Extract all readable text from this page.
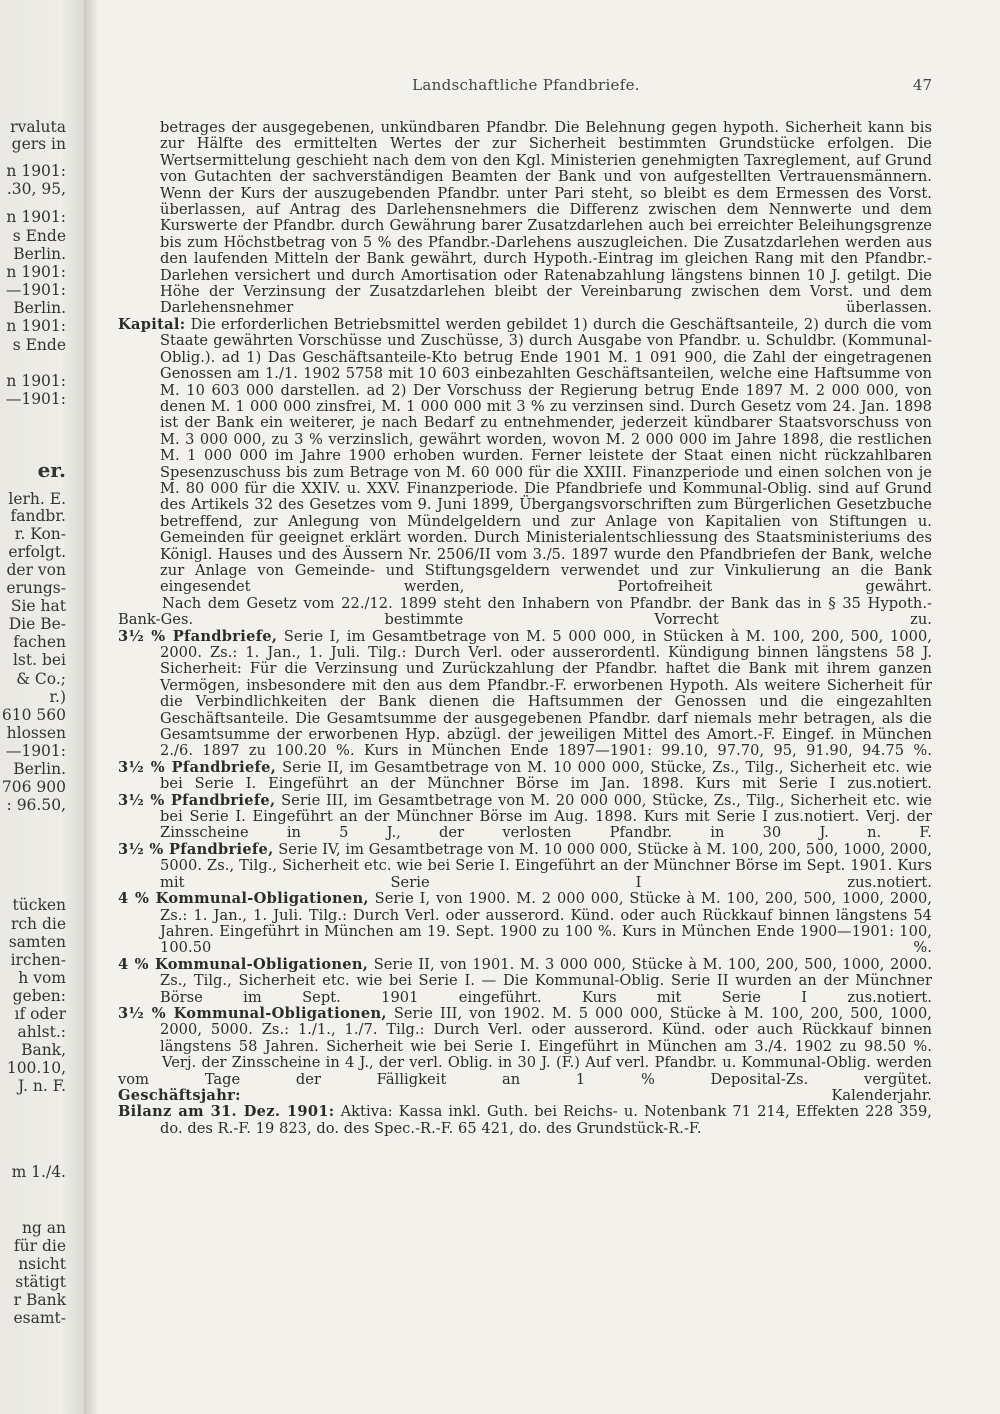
rvaluta
gers in
n 1901:
.30, 95,
n 1901:
s Ende
Berlin.
n 1901:
—1901:
Berlin.
n 1901:
s Ende
n 1901:
—1901:
er.
lerh. E.
fandbr.
r. Kon-
erfolgt.
der von
erungs-
Sie hat
Die Be-
fachen
lst. bei
& Co.;
r.)
610 560
hlossen
—1901:
Berlin.
706 900
: 96.50,
tücken
rch die
samten
irchen-
h vom
geben:
ıf oder
ahlst.:
Bank,
100.10,
J. n. F.
m 1./4.
ng an
für die
nsicht
stätigt
r Bank
esamt-
Landschaftliche Pfandbriefe.	47

betrages der ausgegebenen, unkündbaren Pfandbr. Die Belehnung gegen hypoth. Sicherheit kann bis zur Hälfte des ermittelten Wertes der zur Sicherheit bestimmten Grundstücke erfolgen. Die Wertsermittelung geschieht nach dem von den Kgl. Ministerien genehmigten Taxreglement, auf Grund von Gutachten der sachverständigen Beamten der Bank und von aufgestellten Vertrauensmännern. Wenn der Kurs der auszugebenden Pfandbr. unter Pari steht, so bleibt es dem Ermessen des Vorst. überlassen, auf Antrag des Darlehensnehmers die Differenz zwischen dem Nennwerte und dem Kurswerte der Pfandbr. durch Gewährung barer Zusatzdarlehen auch bei erreichter Beleihungsgrenze bis zum Höchstbetrag von 5 % des Pfandbr.-Darlehens auszugleichen. Die Zusatzdarlehen werden aus den laufenden Mitteln der Bank gewährt, durch Hypoth.-Eintrag im gleichen Rang mit den Pfandbr.-Darlehen versichert und durch Amortisation oder Ratenabzahlung längstens binnen 10 J. getilgt. Die Höhe der Verzinsung der Zusatzdarlehen bleibt der Vereinbarung zwischen dem Vorst. und dem Darlehensnehmer überlassen.

Kapital: Die erforderlichen Betriebsmittel werden gebildet 1) durch die Geschäftsanteile, 2) durch die vom Staate gewährten Vorschüsse und Zuschüsse, 3) durch Ausgabe von Pfandbr. u. Schuldbr. (Kommunal-Oblig.). ad 1) Das Geschäftsanteile-Kto betrug Ende 1901 M. 1 091 900, die Zahl der eingetragenen Genossen am 1./1. 1902 5758 mit 10 603 einbezahlten Geschäftsanteilen, welche eine Haftsumme von M. 10 603 000 darstellen. ad 2) Der Vorschuss der Regierung betrug Ende 1897 M. 2 000 000, von denen M. 1 000 000 zinsfrei, M. 1 000 000 mit 3 % zu verzinsen sind. Durch Gesetz vom 24. Jan. 1898 ist der Bank ein weiterer, je nach Bedarf zu entnehmender, jederzeit kündbarer Staatsvorschuss von M. 3 000 000, zu 3 % verzinslich, gewährt worden, wovon M. 2 000 000 im Jahre 1898, die restlichen M. 1 000 000 im Jahre 1900 erhoben wurden. Ferner leistete der Staat einen nicht rückzahlbaren Spesenzuschuss bis zum Betrage von M. 60 000 für die XXIII. Finanzperiode und einen solchen von je M. 80 000 für die XXIV. u. XXV. Finanzperiode. Die Pfandbriefe und Kommunal-Oblig. sind auf Grund des Artikels 32 des Gesetzes vom 9. Juni 1899, Übergangsvorschriften zum Bürgerlichen Gesetzbuche betreffend, zur Anlegung von Mündelgeldern und zur Anlage von Kapitalien von Stiftungen u. Gemeinden für geeignet erklärt worden. Durch Ministerialentschliessung des Staatsministeriums des Königl. Hauses und des Äussern Nr. 2506/II vom 3./5. 1897 wurde den Pfandbriefen der Bank, welche zur Anlage von Gemeinde- und Stiftungsgeldern verwendet und zur Vinkulierung an die Bank eingesendet werden, Portofreiheit gewährt.

Nach dem Gesetz vom 22./12. 1899 steht den Inhabern von Pfandbr. der Bank das in § 35 Hypoth.-Bank-Ges. bestimmte Vorrecht zu.

3½ % Pfandbriefe, Serie I, im Gesamtbetrage von M. 5 000 000, in Stücken à M. 100, 200, 500, 1000, 2000. Zs.: 1. Jan., 1. Juli. Tilg.: Durch Verl. oder ausserordentl. Kündigung binnen längstens 58 J. Sicherheit: Für die Verzinsung und Zurückzahlung der Pfandbr. haftet die Bank mit ihrem ganzen Vermögen, insbesondere mit den aus dem Pfandbr.-F. erworbenen Hypoth. Als weitere Sicherheit für die Verbindlichkeiten der Bank dienen die Haftsummen der Genossen und die eingezahlten Geschäftsanteile. Die Gesamtsumme der ausgegebenen Pfandbr. darf niemals mehr betragen, als die Gesamtsumme der erworbenen Hyp. abzügl. der jeweiligen Mittel des Amort.-F. Eingef. in München 2./6. 1897 zu 100.20 %. Kurs in München Ende 1897—1901: 99.10, 97.70, 95, 91.90, 94.75 %.

3½ % Pfandbriefe, Serie II, im Gesamtbetrage von M. 10 000 000, Stücke, Zs., Tilg., Sicherheit etc. wie bei Serie I. Eingeführt an der Münchner Börse im Jan. 1898. Kurs mit Serie I zus.notiert.

3½ % Pfandbriefe, Serie III, im Gesamtbetrage von M. 20 000 000, Stücke, Zs., Tilg., Sicherheit etc. wie bei Serie I. Eingeführt an der Münchner Börse im Aug. 1898. Kurs mit Serie I zus.notiert. Verj. der Zinsscheine in 5 J., der verlosten Pfandbr. in 30 J. n. F.

3½ % Pfandbriefe, Serie IV, im Gesamtbetrage von M. 10 000 000, Stücke à M. 100, 200, 500, 1000, 2000, 5000. Zs., Tilg., Sicherheit etc. wie bei Serie I. Eingeführt an der Münchner Börse im Sept. 1901. Kurs mit Serie I zus.notiert.

4 % Kommunal-Obligationen, Serie I, von 1900. M. 2 000 000, Stücke à M. 100, 200, 500, 1000, 2000, Zs.: 1. Jan., 1. Juli. Tilg.: Durch Verl. oder ausserord. Künd. oder auch Rückkauf binnen längstens 54 Jahren. Eingeführt in München am 19. Sept. 1900 zu 100 %. Kurs in München Ende 1900—1901: 100, 100.50 %.

4 % Kommunal-Obligationen, Serie II, von 1901. M. 3 000 000, Stücke à M. 100, 200, 500, 1000, 2000. Zs., Tilg., Sicherheit etc. wie bei Serie I. — Die Kommunal-Oblig. Serie II wurden an der Münchner Börse im Sept. 1901 eingeführt. Kurs mit Serie I zus.notiert.

3½ % Kommunal-Obligationen, Serie III, von 1902. M. 5 000 000, Stücke à M. 100, 200, 500, 1000, 2000, 5000. Zs.: 1./1., 1./7. Tilg.: Durch Verl. oder ausserord. Künd. oder auch Rückkauf binnen längstens 58 Jahren. Sicherheit wie bei Serie I. Eingeführt in München am 3./4. 1902 zu 98.50 %.

Verj. der Zinsscheine in 4 J., der verl. Oblig. in 30 J. (F.) Auf verl. Pfandbr. u. Kommunal-Oblig. werden vom Tage der Fälligkeit an 1 % Deposital-Zs. vergütet.

Geschäftsjahr:	Kalenderjahr.

Bilanz am 31. Dez. 1901: Aktiva: Kassa inkl. Guth. bei Reichs- u. Notenbank 71 214, Effekten 228 359, do. des R.-F. 19 823, do. des Spec.-R.-F. 65 421, do. des Grundstück-R.-F.
